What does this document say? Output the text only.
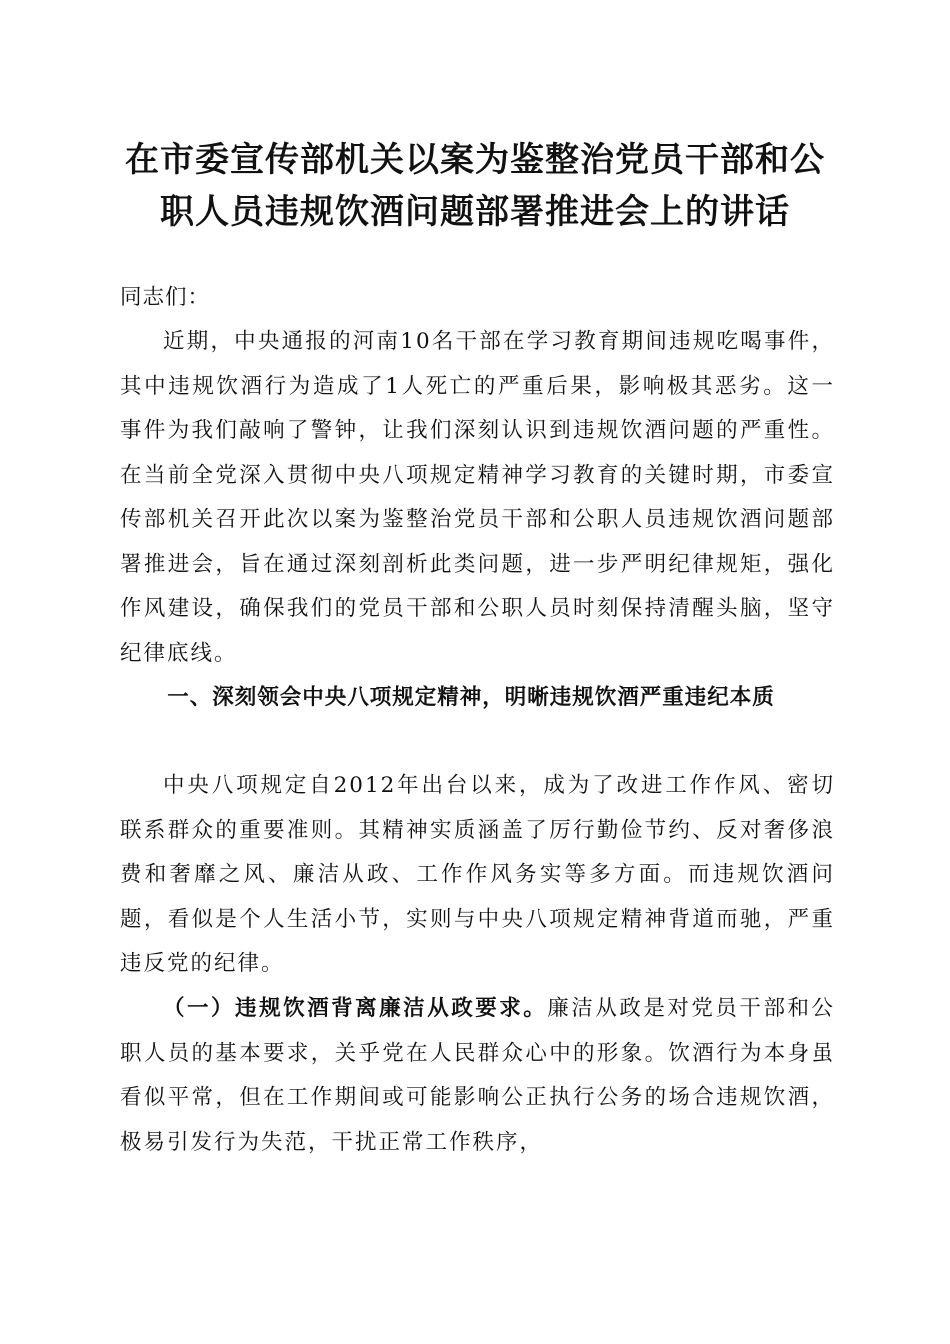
在市委宣传部机关以案为鉴整治党员干部和公
职人员违规饮酒问题部署推进会上的讲话

同志们：

近期，中央通报的河南10名干部在学习教育期间违规吃喝事件，其中违规饮酒行为造成了1人死亡的严重后果，影响极其恶劣。这一事件为我们敲响了警钟，让我们深刻认识到违规饮酒问题的严重性。在当前全党深入贯彻中央八项规定精神学习教育的关键时期，市委宣传部机关召开此次以案为鉴整治党员干部和公职人员违规饮酒问题部署推进会，旨在通过深刻剖析此类问题，进一步严明纪律规矩，强化作风建设，确保我们的党员干部和公职人员时刻保持清醒头脑，坚守纪律底线。

一、深刻领会中央八项规定精神，明晰违规饮酒严重违纪本质

中央八项规定自2012年出台以来，成为了改进工作作风、密切联系群众的重要准则。其精神实质涵盖了厉行勤俭节约、反对奢侈浪费和奢靡之风、廉洁从政、工作作风务实等多方面。而违规饮酒问题，看似是个人生活小节，实则与中央八项规定精神背道而驰，严重违反党的纪律。

（一）违规饮酒背离廉洁从政要求。廉洁从政是对党员干部和公职人员的基本要求，关乎党在人民群众心中的形象。饮酒行为本身虽看似平常，但在工作期间或可能影响公正执行公务的场合违规饮酒，极易引发行为失范，干扰正常工作秩序，
